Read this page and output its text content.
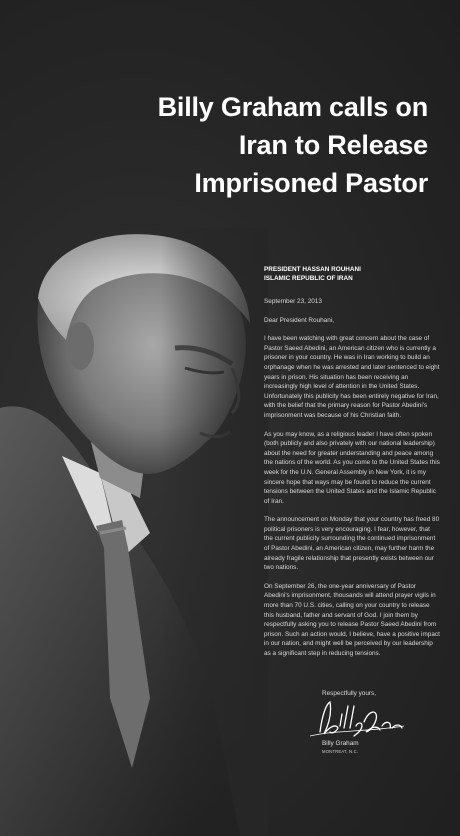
Billy Graham calls on
Iran to Release
Imprisoned Pastor
PRESIDENT HASSAN ROUHANI
ISLAMIC REPUBLIC OF IRAN

September 23, 2013

Dear President Rouhani,

I have been watching with great concern about the case of Pastor Saeed Abedini, an American citizen who is currently a prisoner in your country. He was in Iran working to build an orphanage when he was arrested and later sentenced to eight years in prison. His situation has been receiving an increasingly high level of attention in the United States. Unfortunately this publicity has been entirely negative for Iran, with the belief that the primary reason for Pastor Abedini's imprisonment was because of his Christian faith.

As you may know, as a religious leader I have often spoken (both publicly and also privately with our national leadership) about the need for greater understanding and peace among the nations of the world. As you come to the United States this week for the U.N. General Assembly in New York, it is my sincere hope that ways may be found to reduce the current tensions between the United States and the Islamic Republic of Iran.

The announcement on Monday that your country has freed 80 political prisoners is very encouraging. I fear, however, that the current publicity surrounding the continued imprisonment of Pastor Abedini, an American citizen, may further harm the already fragile relationship that presently exists between our two nations.

On September 26, the one-year anniversary of Pastor Abedini's imprisonment, thousands will attend prayer vigils in more than 70 U.S. cities, calling on your country to release this husband, father and servant of God. I join them by respectfully asking you to release Pastor Saeed Abedini from prison. Such an action would, I believe, have a positive impact in our nation, and might well be perceived by our leadership as a significant step in reducing tensions.

Respectfully yours,
Billy Graham
MONTREAT, N.C.
